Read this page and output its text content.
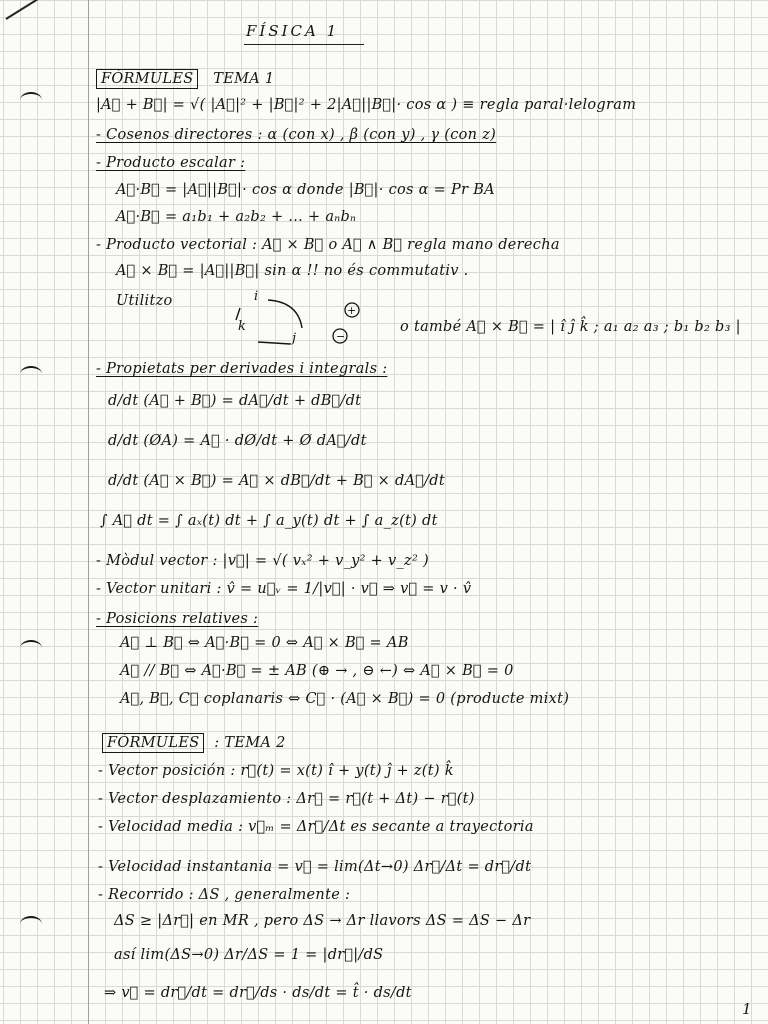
FÍSICA 1
FÓRMULES TEMA 1
|A⃗ + B⃗| = √( |A⃗|² + |B⃗|² + 2|A⃗||B⃗|· cos α ) ≡ regla paral·lelogram
- Cosenos directores : α (con x) , β (con y) , γ (con z)
- Producto escalar :
A⃗·B⃗ = |A⃗||B⃗|· cos α donde |B⃗|· cos α = Pr BA
A⃗·B⃗ = a₁b₁ + a₂b₂ + ... + aₙbₙ
- Producto vectorial : A⃗ × B⃗ o A⃗ ∧ B⃗ regla mano derecha
A⃗ × B⃗ = |A⃗||B⃗| sin α !! no és commutativ .
Utilitzo	i
k
j
+
−
o també A⃗ × B⃗ = | î ĵ k̂ ; a₁ a₂ a₃ ; b₁ b₂ b₃ |
- Propietats per derivades i integrals :
d/dt (A⃗ + B⃗) = dA⃗/dt + dB⃗/dt
d/dt (ØA) = A⃗ · dØ/dt + Ø dA⃗/dt
d/dt (A⃗ × B⃗) = A⃗ × dB⃗/dt + B⃗ × dA⃗/dt
∫ A⃗ dt = ∫ aₓ(t) dt + ∫ a_y(t) dt + ∫ a_z(t) dt
- Mòdul vector : |v⃗| = √( vₓ² + v_y² + v_z² )
- Vector unitari : v̂ = u⃗ᵥ = 1/|v⃗| · v⃗ ⇒ v⃗ = v · v̂
- Posicions relatives :
A⃗ ⊥ B⃗ ⇔ A⃗·B⃗ = 0 ⇔ A⃗ × B⃗ = AB
A⃗ // B⃗ ⇔ A⃗·B⃗ = ± AB (⊕ → , ⊖ ←) ⇔ A⃗ × B⃗ = 0
A⃗, B⃗, C⃗ coplanaris ⇔ C⃗ · (A⃗ × B⃗) = 0 (producte mixt)
FÓRMULES  : TEMA 2
- Vector posición : r⃗(t) = x(t) î + y(t) ĵ + z(t) k̂
- Vector desplazamiento : Δr⃗ = r⃗(t + Δt) − r⃗(t)
- Velocidad media : v⃗ₘ = Δr⃗/Δt es secante a trayectoria
- Velocidad instantania = v⃗ = lim(Δt→0) Δr⃗/Δt = dr⃗/dt
- Recorrido : ΔS , generalmente :
ΔS ≥ |Δr⃗| en MR , pero ΔS → Δr llavors ΔS = ΔS − Δr
así lim(ΔS→0) Δr/ΔS = 1 = |dr⃗|/dS
⇒ v⃗ = dr⃗/dt = dr⃗/ds · ds/dt = t̂ · ds/dt
1
